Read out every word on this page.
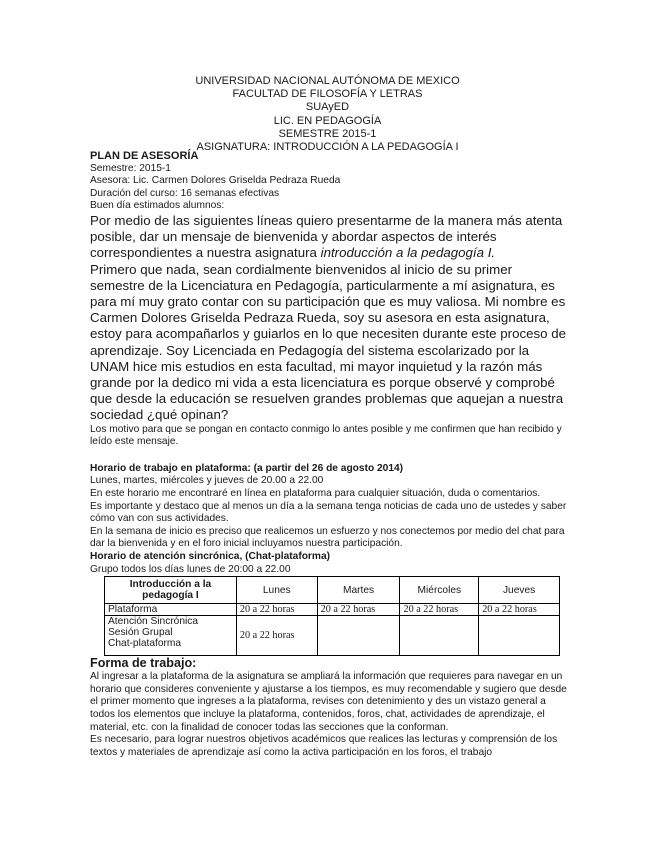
UNIVERSIDAD NACIONAL AUTÓNOMA DE MEXICO
FACULTAD DE FILOSOFÍA Y LETRAS
SUAyED
LIC. EN PEDAGOGÍA
SEMESTRE 2015-1
ASIGNATURA: INTRODUCCIÓN A LA PEDAGOGÍA I

PLAN DE ASESORÍA

Semestre: 2015-1

Asesora: Lic. Carmen Dolores Griselda Pedraza Rueda

Duración del curso: 16 semanas efectivas

Buen día estimados alumnos:

Por medio de las siguientes líneas quiero presentarme de la manera más atenta posible, dar un mensaje de bienvenida y abordar aspectos de interés correspondientes a nuestra asignatura introducción a la pedagogía I.

Primero que nada, sean cordialmente bienvenidos al inicio de su primer semestre de la Licenciatura en Pedagogía, particularmente a mí asignatura, es para mí muy grato contar con su participación que es muy valiosa. Mi nombre es Carmen Dolores Griselda Pedraza Rueda, soy su asesora en esta asignatura, estoy para acompañarlos y guiarlos en lo que necesiten durante este proceso de aprendizaje. Soy Licenciada en Pedagogía del sistema escolarizado por la UNAM hice mis estudios en esta facultad, mi mayor inquietud y la razón más grande por la dedico mi vida a esta licenciatura es porque observé y comprobé que desde la educación se resuelven grandes problemas que aquejan a nuestra sociedad ¿qué opinan?

Los motivo para que se pongan en contacto conmigo lo antes posible y me confirmen que han recibido y leído este mensaje.

Horario de trabajo en plataforma: (a partir del 26 de agosto 2014)

Lunes, martes, miércoles y jueves de 20.00 a 22.00

En este horario me encontraré en línea en plataforma para cualquier situación, duda o comentarios.

Es importante y destaco que al menos un día a la semana tenga noticias de cada uno de ustedes y saber cómo van con sus actividades.

En la semana de inicio es preciso que realicemos un esfuerzo y nos conectemos por medio del chat para dar la bienvenida y en el foro inicial incluyamos nuestra participación.

Horario de atención sincrónica, (Chat-plataforma)

Grupo todos los días lunes de 20:00 a 22.00

Introducción a la pedagogía I	Lunes	Martes	Miércoles	Jueves
Plataforma	20 a 22 horas	20 a 22 horas	20 a 22 horas	20 a 22 horas

Atención Sincrónica
Sesión Grupal
Chat-plataforma	20 a 22 horas			

Forma de trabajo:

Al ingresar a la plataforma de la asignatura se ampliará la información que requieres para navegar en un horario que consideres conveniente y ajustarse a los tiempos, es muy recomendable y sugiero que desde el primer momento que ingreses a la plataforma, revises con detenimiento y des un vistazo general a todos los elementos que incluye la plataforma, contenidos, foros, chat, actividades de aprendizaje, el material, etc. con la finalidad de conocer todas las secciones que la conforman.

Es necesario, para lograr nuestros objetivos académicos que realices las lecturas y comprensión de los textos y materiales de aprendizaje así como la activa participación en los foros, el trabajo
